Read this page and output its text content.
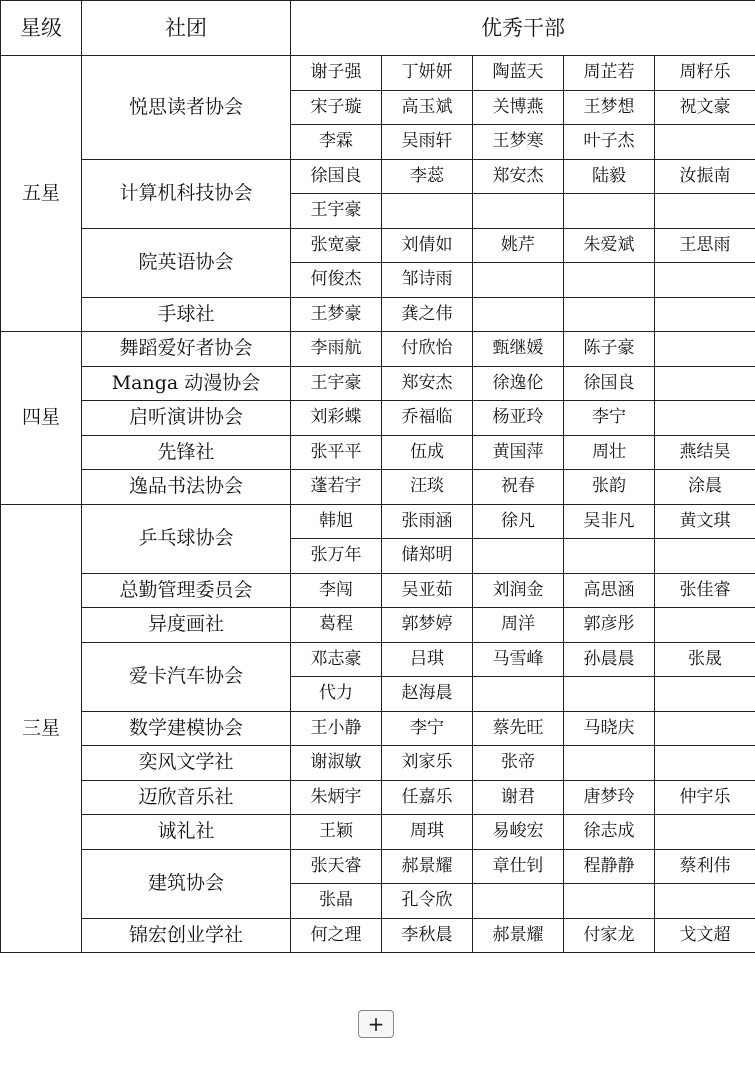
星级	社团	优秀干部				
五星	悦思读者协会	谢子强	丁妍妍	陶蓝天	周芷若	周籽乐
		宋子璇	高玉斌	关博燕	王梦想	祝文豪
		李霖	吴雨轩	王梦寒	叶子杰	
	计算机科技协会	徐国良	李蕊	郑安杰	陆毅	汝振南
		王宇豪				
	院英语协会	张宽豪	刘倩如	姚芹	朱爱斌	王思雨
		何俊杰	邹诗雨			
	手球社	王梦豪	龚之伟			
四星	舞蹈爱好者协会	李雨航	付欣怡	甄继媛	陈子豪	
	Manga 动漫协会	王宇豪	郑安杰	徐逸伦	徐国良	
	启听演讲协会	刘彩蝶	乔福临	杨亚玲	李宁	
	先锋社	张平平	伍成	黄国萍	周壮	燕结昊
	逸品书法协会	蓬若宇	汪琰	祝春	张韵	涂晨
三星	乒乓球协会	韩旭	张雨涵	徐凡	吴非凡	黄文琪
		张万年	储郑明			
	总勤管理委员会	李闯	吴亚茹	刘润金	高思涵	张佳睿
	异度画社	葛程	郭梦婷	周洋	郭彦彤	
	爱卡汽车协会	邓志豪	吕琪	马雪峰	孙晨晨	张晟
		代力	赵海晨			
	数学建模协会	王小静	李宁	蔡先旺	马晓庆	
	奕风文学社	谢淑敏	刘家乐	张帝		
	迈欣音乐社	朱炳宇	任嘉乐	谢君	唐梦玲	仲宇乐
	诚礼社	王颖	周琪	易峻宏	徐志成	
	建筑协会	张天睿	郝景耀	章仕钊	程静静	蔡利伟
		张晶	孔令欣			
	锦宏创业学社	何之理	李秋晨	郝景耀	付家龙	戈文超
+
